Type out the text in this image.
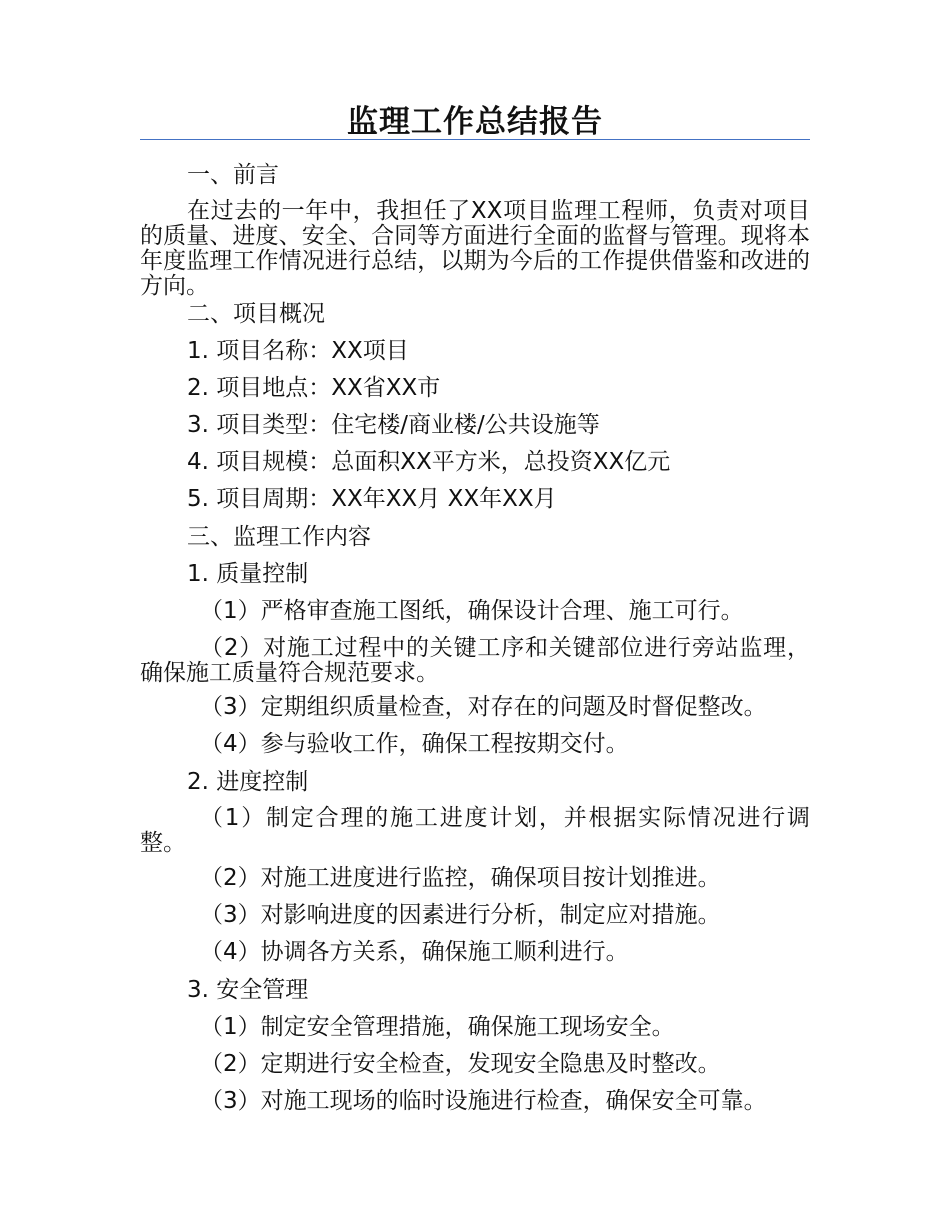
监理工作总结报告

一、前言

在过去的一年中，我担任了XX项目监理工程师，负责对项目的质量、进度、安全、合同等方面进行全面的监督与管理。现将本年度监理工作情况进行总结，以期为今后的工作提供借鉴和改进的方向。

二、项目概况

1. 项目名称：XX项目

2. 项目地点：XX省XX市

3. 项目类型：住宅楼/商业楼/公共设施等

4. 项目规模：总面积XX平方米，总投资XX亿元

5. 项目周期：XX年XX月 XX年XX月

三、监理工作内容

1. 质量控制

（1）严格审查施工图纸，确保设计合理、施工可行。

（2）对施工过程中的关键工序和关键部位进行旁站监理，确保施工质量符合规范要求。

（3）定期组织质量检查，对存在的问题及时督促整改。

（4）参与验收工作，确保工程按期交付。

2. 进度控制

（1）制定合理的施工进度计划，并根据实际情况进行调整。

（2）对施工进度进行监控，确保项目按计划推进。

（3）对影响进度的因素进行分析，制定应对措施。

（4）协调各方关系，确保施工顺利进行。

3. 安全管理

（1）制定安全管理措施，确保施工现场安全。

（2）定期进行安全检查，发现安全隐患及时整改。

（3）对施工现场的临时设施进行检查，确保安全可靠。
